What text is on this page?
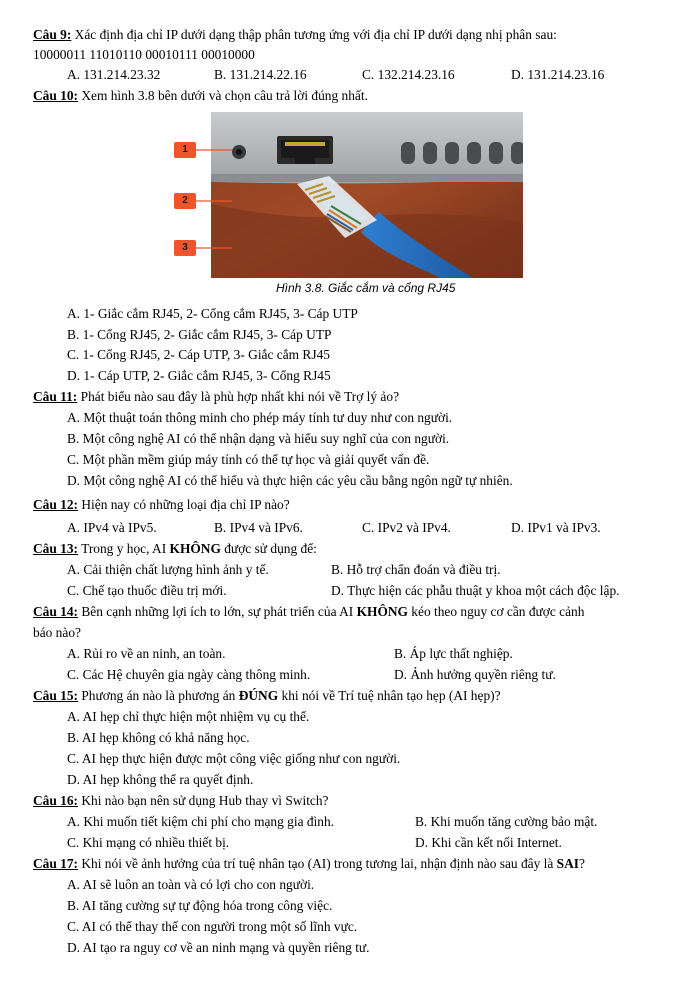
Câu 9: Xác định địa chỉ IP dưới dạng thập phân tương ứng với địa chỉ IP dưới dạng nhị phân sau:
10000011 11010110 00010111 00010000
A. 131.214.23.32	B. 131.214.22.16	C. 132.214.23.16	D. 131.214.23.16
Câu 10: Xem hình 3.8 bên dưới và chọn câu trả lời đúng nhất.
1
2
3
Hình 3.8. Giắc cắm và cổng RJ45
A. 1- Giắc cắm RJ45, 2- Cổng cắm RJ45, 3- Cáp UTP
B. 1- Cổng RJ45, 2- Giắc cắm RJ45, 3- Cáp UTP
C. 1- Cổng RJ45, 2- Cáp UTP, 3- Giắc cắm RJ45
D. 1- Cáp UTP, 2- Giắc cắm RJ45, 3- Cổng RJ45
Câu 11: Phát biểu nào sau đây là phù hợp nhất khi nói về Trợ lý ảo?
A. Một thuật toán thông minh cho phép máy tính tư duy như con người.
B. Một công nghệ AI có thể nhận dạng và hiểu suy nghĩ của con người.
C. Một phần mềm giúp máy tính có thể tự học và giải quyết vấn đề.
D. Một công nghệ AI có thể hiểu và thực hiện các yêu cầu bằng ngôn ngữ tự nhiên.
Câu 12: Hiện nay có những loại địa chỉ IP nào?
A. IPv4 và IPv5.	B. IPv4 và IPv6.	C. IPv2 và IPv4.	D. IPv1 và IPv3.
Câu 13: Trong y học, AI KHÔNG được sử dụng để:
A. Cải thiện chất lượng hình ảnh y tế.	B. Hỗ trợ chẩn đoán và điều trị.
C. Chế tạo thuốc điều trị mới.	D. Thực hiện các phẫu thuật y khoa một cách độc lập.
Câu 14: Bên cạnh những lợi ích to lớn, sự phát triển của AI KHÔNG kéo theo nguy cơ cần được cảnh
báo nào?
A. Rủi ro về an ninh, an toàn.	B. Áp lực thất nghiệp.
C. Các Hệ chuyên gia ngày càng thông minh.	D. Ảnh hưởng quyền riêng tư.
Câu 15: Phương án nào là phương án ĐÚNG khi nói về Trí tuệ nhân tạo hẹp (AI hẹp)?
A. AI hẹp chỉ thực hiện một nhiệm vụ cụ thể.
B. AI hẹp không có khả năng học.
C. AI hẹp thực hiện được một công việc giống như con người.
D. AI hẹp không thể ra quyết định.
Câu 16: Khi nào bạn nên sử dụng Hub thay vì Switch?
A. Khi muốn tiết kiệm chi phí cho mạng gia đình.	B. Khi muốn tăng cường bảo mật.
C. Khi mạng có nhiều thiết bị.	D. Khi cần kết nối Internet.
Câu 17: Khi nói về ảnh hưởng của trí tuệ nhân tạo (AI) trong tương lai, nhận định nào sau đây là SAI?
A. AI sẽ luôn an toàn và có lợi cho con người.
B. AI tăng cường sự tự động hóa trong công việc.
C. AI có thể thay thế con người trong một số lĩnh vực.
D. AI tạo ra nguy cơ về an ninh mạng và quyền riêng tư.
